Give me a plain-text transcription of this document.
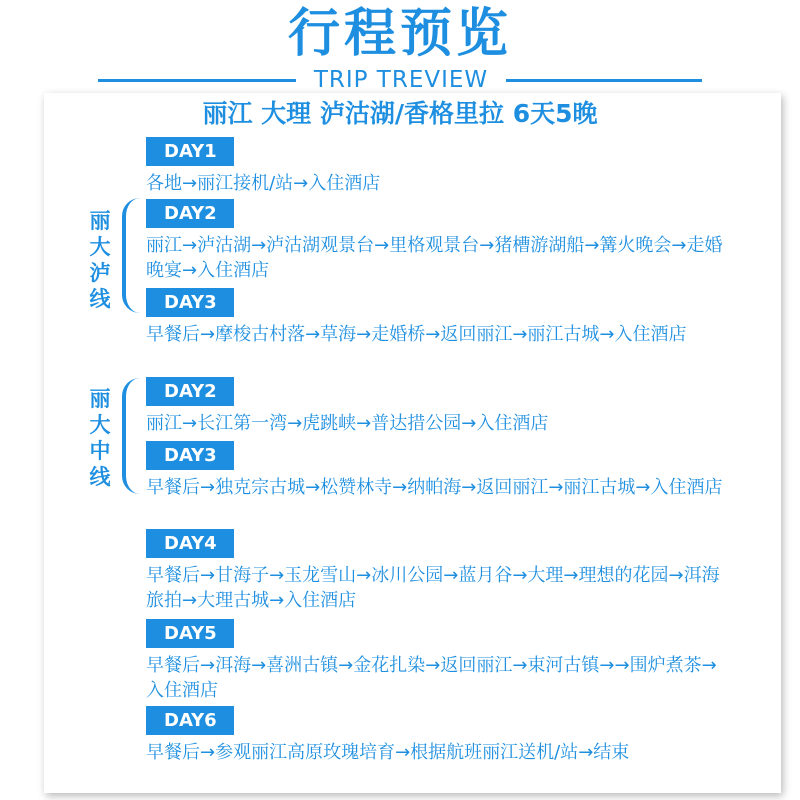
行程预览
TRIP TREVIEW
丽江 大理 泸沽湖/香格里拉 6天5晚
丽大泸线
丽大中线
DAY1
各地→丽江接机/站→入住酒店
DAY2
丽江→泸沽湖→泸沽湖观景台→里格观景台→猪槽游湖船→篝火晚会→走婚晚宴→入住酒店
DAY3
早餐后→摩梭古村落→草海→走婚桥→返回丽江→丽江古城→入住酒店
DAY2
丽江→长江第一湾→虎跳峡→普达措公园→入住酒店
DAY3
早餐后→独克宗古城→松赞林寺→纳帕海→返回丽江→丽江古城→入住酒店
DAY4
早餐后→甘海子→玉龙雪山→冰川公园→蓝月谷→大理→理想的花园→洱海旅拍→大理古城→入住酒店
DAY5
早餐后→洱海→喜洲古镇→金花扎染→返回丽江→束河古镇→→围炉煮茶→入住酒店
DAY6
早餐后→参观丽江高原玫瑰培育→根据航班丽江送机/站→结束
